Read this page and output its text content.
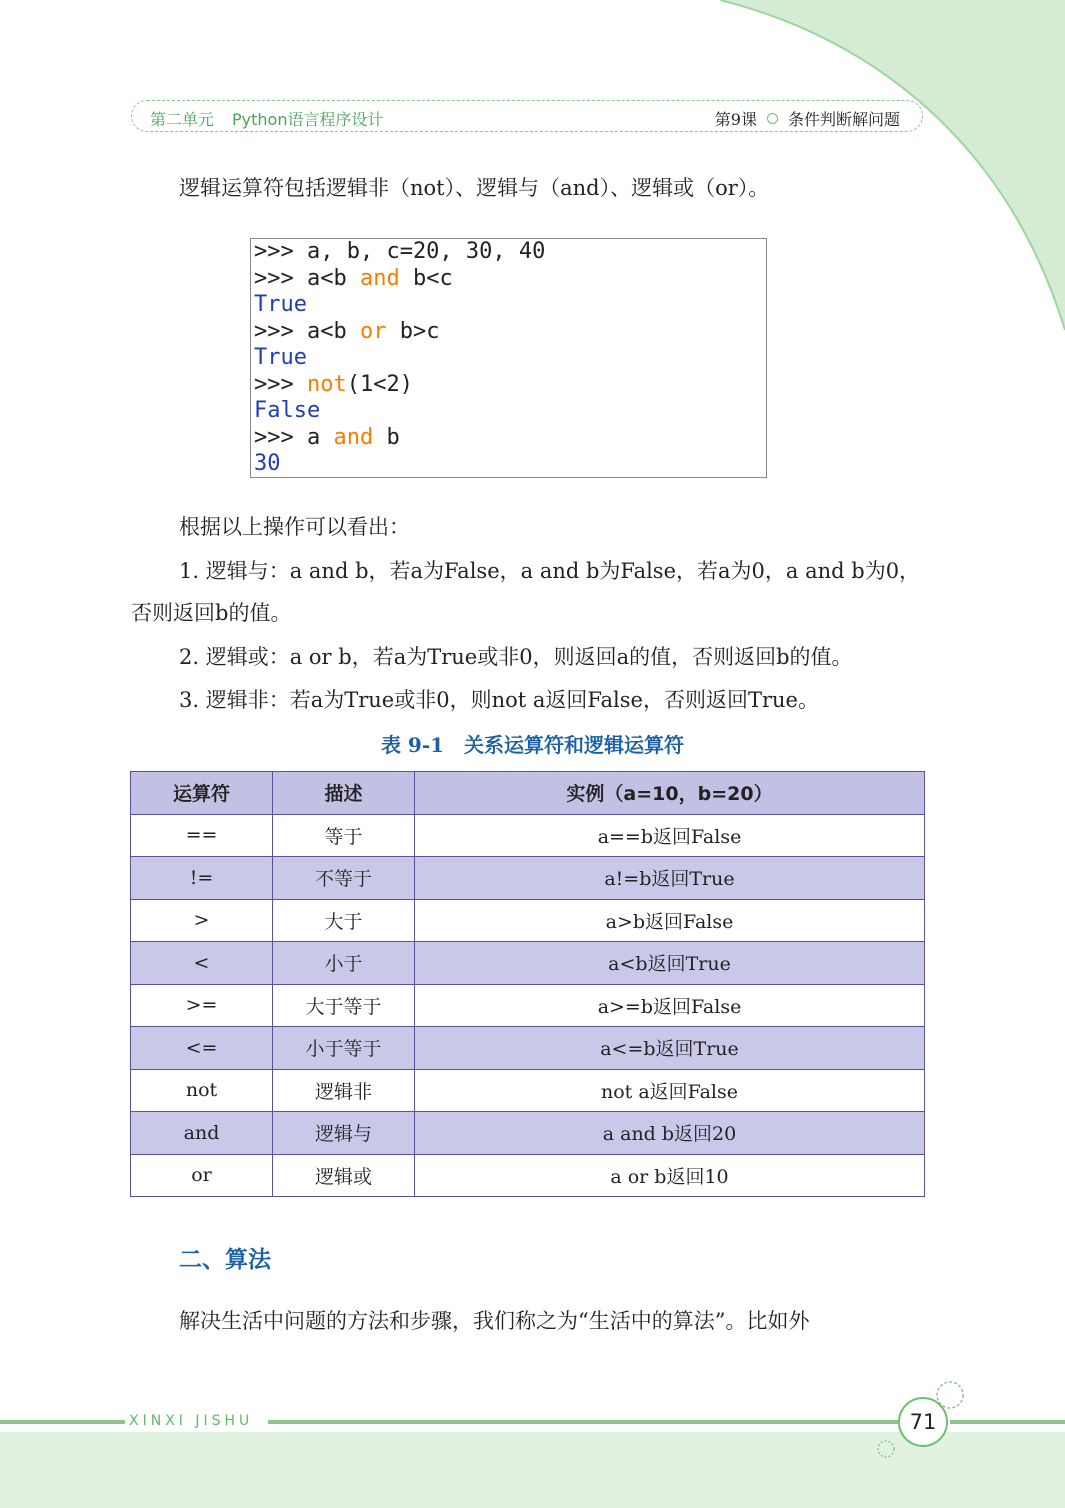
第二单元 Python语言程序设计	第9课 条件判断解问题
逻辑运算符包括逻辑非（not）、逻辑与（and）、逻辑或（or）。
>>> a, b, c=20, 30, 40
>>> a<b and b<c
True
>>> a<b or b>c
True
>>> not(1<2)
False
>>> a and b
30
根据以上操作可以看出：
1. 逻辑与：a and b，若a为False，a and b为False，若a为0，a and b为0，
否则返回b的值。
2. 逻辑或：a or b，若a为True或非0，则返回a的值，否则返回b的值。
3. 逻辑非：若a为True或非0，则not a返回False，否则返回True。
表 9-1　关系运算符和逻辑运算符
运算符	描述	实例（a=10，b=20）
==	等于	a==b返回False
!=	不等于	a!=b返回True
>	大于	a>b返回False
<	小于	a<b返回True
>=	大于等于	a>=b返回False
<=	小于等于	a<=b返回True
not	逻辑非	not a返回False
and	逻辑与	a and b返回20
or	逻辑或	a or b返回10
二、算法
解决生活中问题的方法和步骤，我们称之为“生活中的算法”。比如外
XINXI JISHU	71
